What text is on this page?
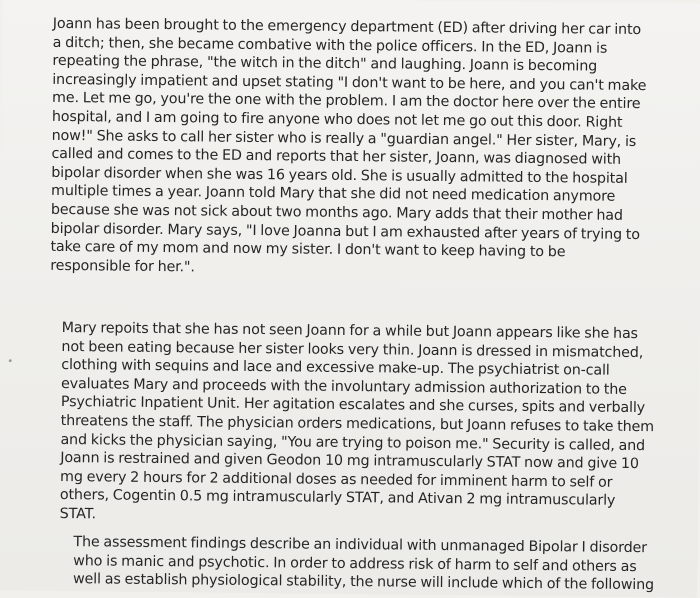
Joann has been brought to the emergency department (ED) after driving her car into
a ditch; then, she became combative with the police officers. In the ED, Joann is
repeating the phrase, "the witch in the ditch" and laughing. Joann is becoming
increasingly impatient and upset stating "I don't want to be here, and you can't make
me. Let me go, you're the one with the problem. I am the doctor here over the entire
hospital, and I am going to fire anyone who does not let me go out this door. Right
now!" She asks to call her sister who is really a "guardian angel." Her sister, Mary, is
called and comes to the ED and reports that her sister, Joann, was diagnosed with
bipolar disorder when she was 16 years old. She is usually admitted to the hospital
multiple times a year. Joann told Mary that she did not need medication anymore
because she was not sick about two months ago. Mary adds that their mother had
bipolar disorder. Mary says, "I love Joanna but I am exhausted after years of trying to
take care of my mom and now my sister. I don't want to keep having to be
responsible for her.".

•

Mary repoits that she has not seen Joann for a while but Joann appears like she has
not been eating because her sister looks very thin. Joann is dressed in mismatched,
clothing with sequins and lace and excessive make-up. The psychiatrist on-call
evaluates Mary and proceeds with the involuntary admission authorization to the
Psychiatric Inpatient Unit. Her agitation escalates and she curses, spits and verbally
threatens the staff. The physician orders medications, but Joann refuses to take them
and kicks the physician saying, "You are trying to poison me." Security is called, and
Joann is restrained and given Geodon 10 mg intramuscularly STAT now and give 10
mg every 2 hours for 2 additional doses as needed for imminent harm to self or
others, Cogentin 0.5 mg intramuscularly STAT, and Ativan 2 mg intramuscularly
STAT.

The assessment findings describe an individual with unmanaged Bipolar I disorder
who is manic and psychotic. In order to address risk of harm to self and others as
well as establish physiological stability, the nurse will include which of the following
